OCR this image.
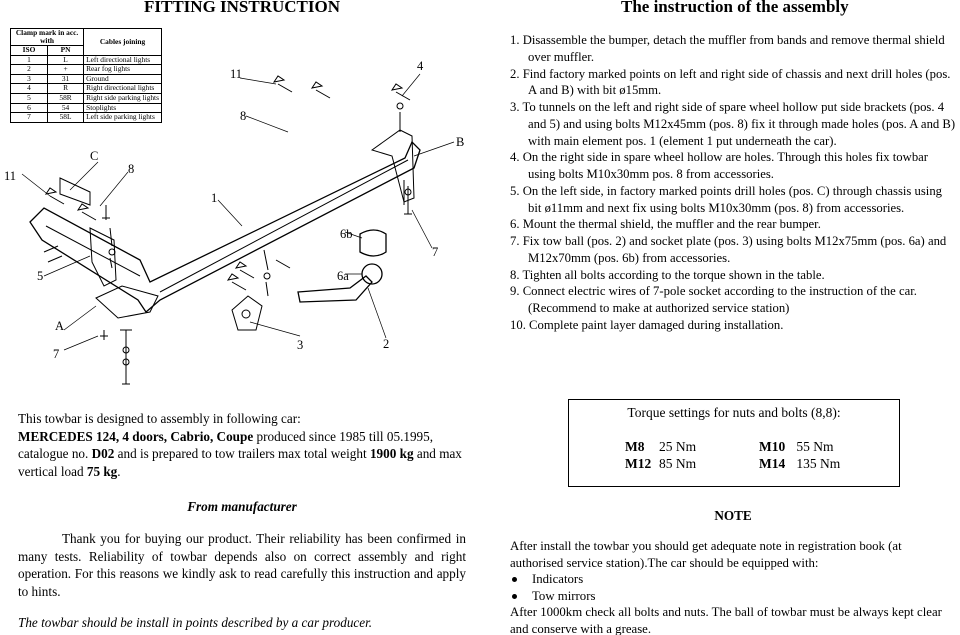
FITTING INSTRUCTION	The instruction of the assembly
Clamp mark in acc. with		Cables joining
ISO	PN	
1	L	Left directional lights
2	+	Rear fog lights
3	31	Ground
4	R	Right directional lights
5	58R	Right side parking lights
6	54	Stoplights
7	58L	Left side parking lights
11
C
8
11
8
1
4
B
6b
6a
5
A
7
3	2
7
1. Disassemble the bumper, detach the muffler from bands and remove thermal shield over muffler.
2. Find factory marked points on left and right side of chassis and next drill holes (pos. A and B) with bit ø15mm.
3. To tunnels on the left and right side of spare wheel hollow put side brackets (pos. 4 and 5) and using bolts M12x45mm (pos. 8) fix it through made holes (pos. A and B) with main element pos. 1 (element 1 put underneath the car).
4. On the right side in spare wheel hollow are holes. Through this holes fix towbar using bolts M10x30mm pos. 8 from accessories.
5. On the left side, in factory marked points drill holes (pos. C) through chassis using bit ø11mm and next fix using bolts M10x30mm (pos. 8) from accessories.
6. Mount the thermal shield, the muffler and the rear bumper.
7. Fix tow ball (pos. 2) and socket plate (pos. 3) using bolts M12x75mm (pos. 6a) and M12x70mm (pos. 6b) from accessories.
8. Tighten all bolts according to the torque shown in the table.
9. Connect electric wires of 7-pole socket according to the instruction of the car. (Recommend to make at authorized service station)
10. Complete paint layer damaged during installation.
This towbar is designed to assembly in following car:
MERCEDES 124, 4 doors, Cabrio, Coupe produced since 1985 till 05.1995, catalogue no. D02 and is prepared to tow trailers max total weight 1900 kg and max vertical load 75 kg.
From manufacturer
Thank you for buying our product. Their reliability has been confirmed in many tests. Reliability of towbar depends also on correct assembly and right operation. For this reasons we kindly ask to read carefully this instruction and apply to hints.
The towbar should be install in points described by a car producer.
Torque settings for nuts and bolts (8,8):
M8 25 Nm	M10 55 Nm
M12 85 Nm	M14 135 Nm
NOTE
After install the towbar you should get adequate note in registration book (at authorised service station).The car should be equipped with:
Indicators
Tow mirrors
After 1000km check all bolts and nuts. The ball of towbar must be always kept clear and conserve with a grease.
